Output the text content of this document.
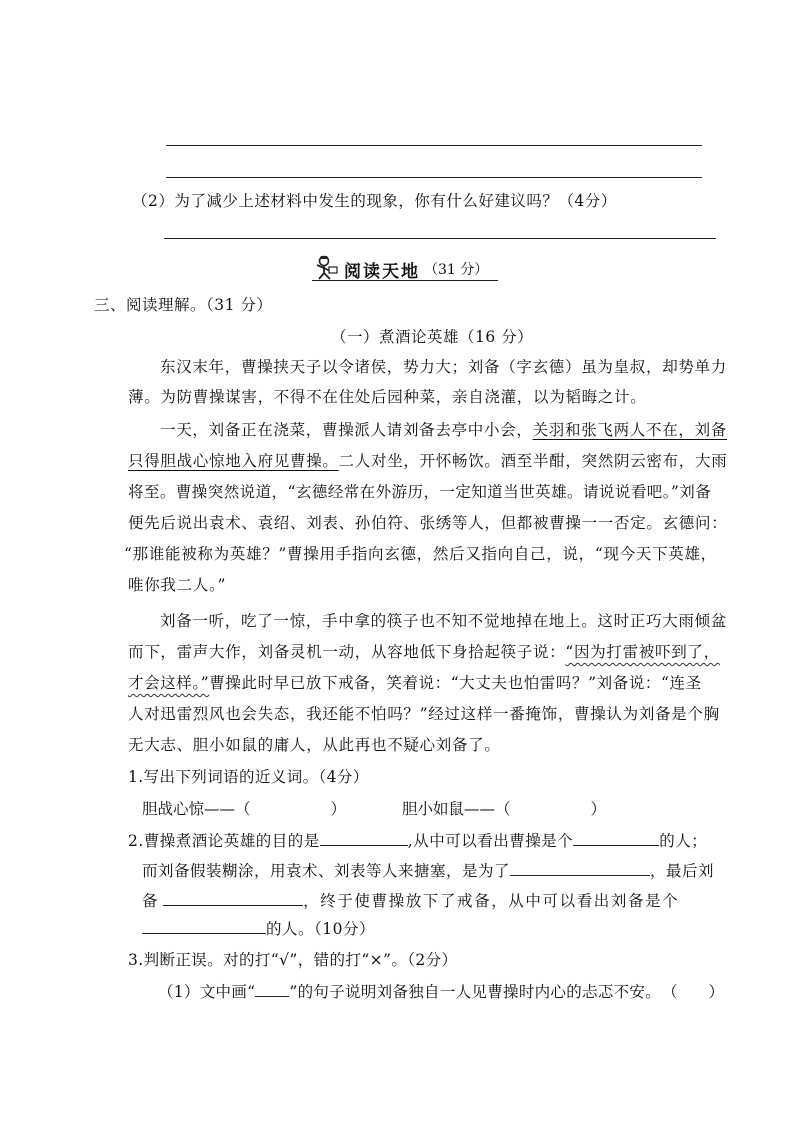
（2）为了减少上述材料中发生的现象，你有什么好建议吗？（4分）
阅读天地 （31 分）
三、阅读理解。（31 分）
（一）煮酒论英雄（16 分）
东汉末年，曹操挟天子以令诸侯，势力大；刘备（字玄德）虽为皇叔，却势单力
薄。为防曹操谋害，不得不在住处后园种菜，亲自浇灌，以为韬晦之计。
一天，刘备正在浇菜，曹操派人请刘备去亭中小会，关羽和张飞两人不在，刘备
只得胆战心惊地入府见曹操。二人对坐，开怀畅饮。酒至半酣，突然阴云密布，大雨
将至。曹操突然说道，“玄德经常在外游历，一定知道当世英雄。请说说看吧。”刘备
便先后说出袁术、袁绍、刘表、孙伯符、张绣等人，但都被曹操一一否定。玄德问：
“那谁能被称为英雄？”曹操用手指向玄德，然后又指向自己，说，“现今天下英雄，
唯你我二人。”
刘备一听，吃了一惊，手中拿的筷子也不知不觉地掉在地上。这时正巧大雨倾盆
而下，雷声大作，刘备灵机一动，从容地低下身拾起筷子说：“因为打雷被吓到了，
才会这样。”曹操此时早已放下戒备，笑着说：“大丈夫也怕雷吗？”刘备说：“连圣
人对迅雷烈风也会失态，我还能不怕吗？”经过这样一番掩饰，曹操认为刘备是个胸
无大志、胆小如鼠的庸人，从此再也不疑心刘备了。
1.写出下列词语的近义词。（4分）
胆战心惊——（	）	胆小如鼠——（	）
2.曹操煮酒论英雄的目的是	,从中可以看出曹操是个	的人；
而刘备假装糊涂，用袁术、刘表等人来搪塞，是为了	，最后刘
备	，终于使曹操放下了戒备，从中可以看出刘备是个
的人。（10分）
3.判断正误。对的打“√”，错的打“×”。（2分）
（1）文中画“ ”的句子说明刘备独自一人见曹操时内心的忐忑不安。 （　　）
